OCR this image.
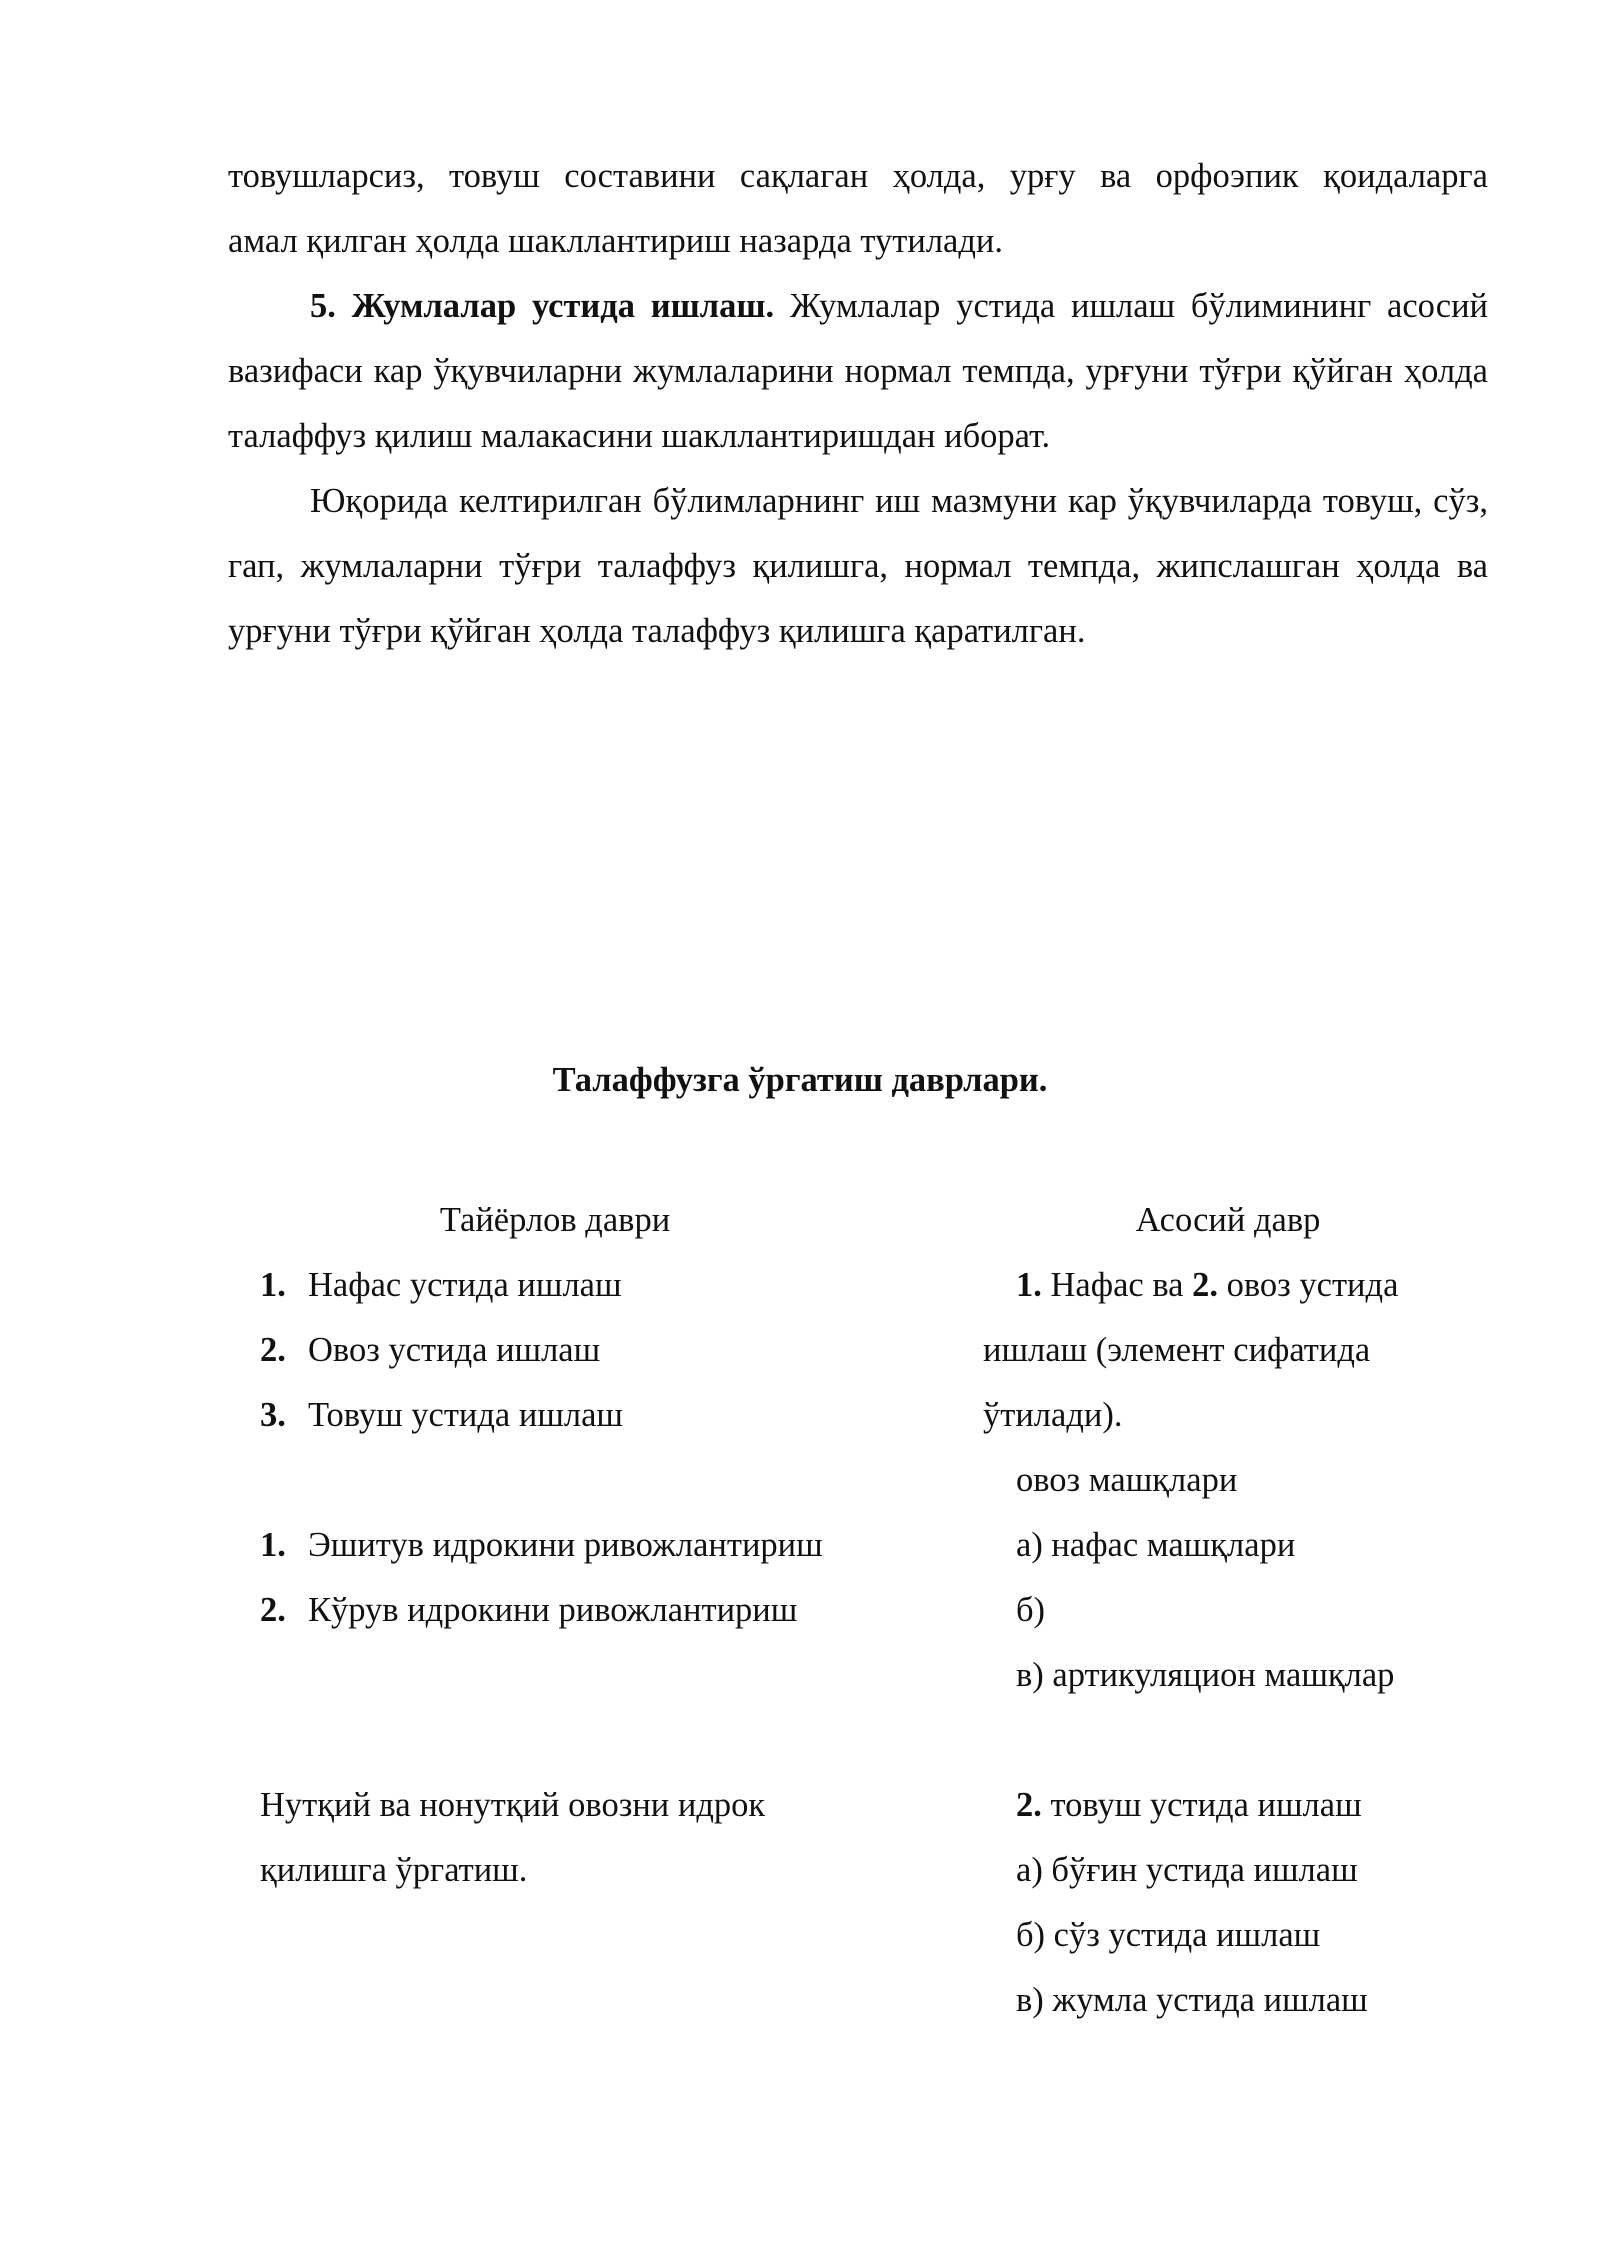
товушларсиз, товуш составини сақлаган ҳолда, урғу ва орфоэпик қоидаларга

амал қилган ҳолда шакллантириш назарда тутилади.

5. Жумлалар устида ишлаш. Жумлалар устида ишлаш бўлимининг асосий вазифаси кар ўқувчиларни жумлаларини нормал темпда, урғуни тўғри қўйган ҳолда талаффуз қилиш малакасини шакллантиришдан иборат.

Юқорида келтирилган бўлимларнинг иш мазмуни кар ўқувчиларда товуш, сўз, гап, жумлаларни тўғри талаффуз қилишга, нормал темпда, жипслашган ҳолда ва урғуни тўғри қўйган ҳолда талаффуз қилишга қаратилган.

Талаффузга ўргатиш даврлари.
Тайёрлов даври
1. Нафас устида ишлаш
2. Овоз устида ишлаш
3. Товуш устида ишлаш
1. Эшитув идрокини ривожлантириш
2. Кўрув идрокини ривожлантириш
Нутқий ва нонутқий овозни идрок
қилишга ўргатиш.
Асосий давр
1. Нафас ва 2. овоз устида
ишлаш (элемент сифатида
ўтилади).
овоз машқлари
а) нафас машқлари
б)
в) артикуляцион машқлар
2. товуш устида ишлаш
а) бўғин устида ишлаш
б) сўз устида ишлаш
в) жумла устида ишлаш
